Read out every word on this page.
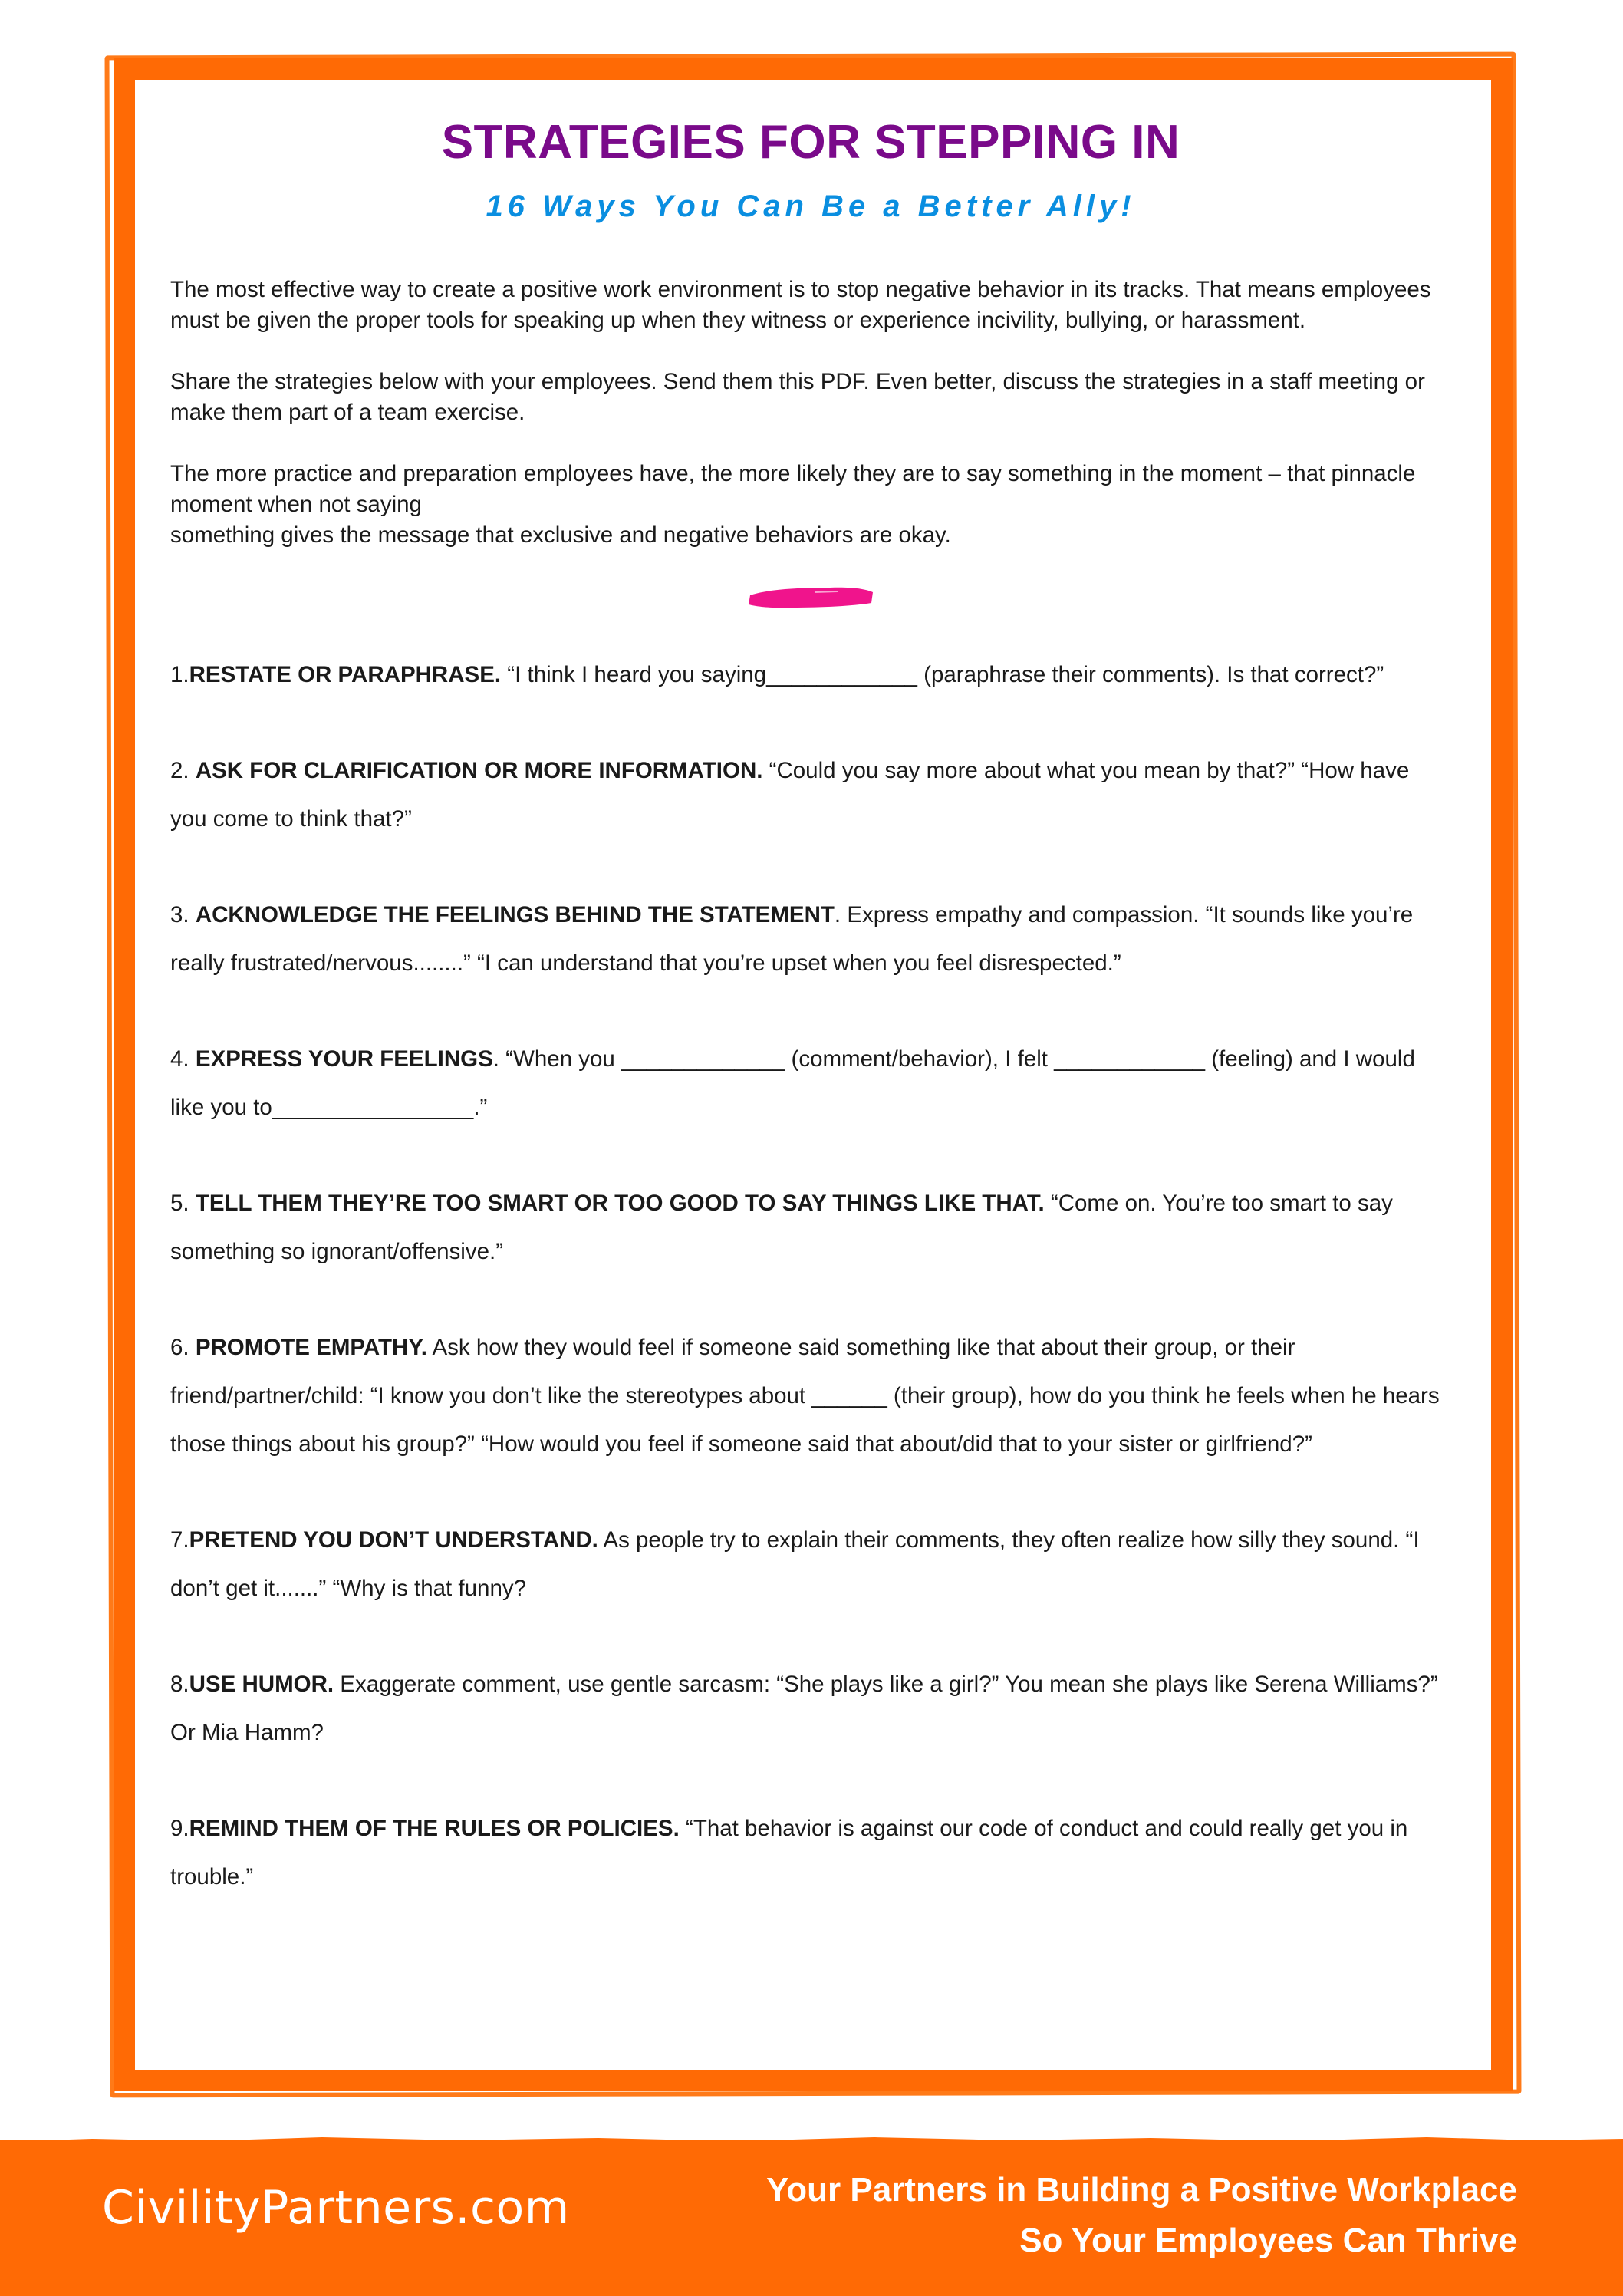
STRATEGIES FOR STEPPING IN
16 Ways You Can Be a Better Ally!

The most effective way to create a positive work environment is to stop negative behavior in its tracks. That means employees must be given the proper tools for speaking up when they witness or experience incivility, bullying, or harassment.

Share the strategies below with your employees. Send them this PDF. Even better, discuss the strategies in a staff meeting or make them part of a team exercise.

The more practice and preparation employees have, the more likely they are to say something in the moment – that pinnacle moment when not saying
something gives the message that exclusive and negative behaviors are okay.

1.RESTATE OR PARAPHRASE. “I think I heard you saying____________ (paraphrase their comments). Is that correct?”

2. ASK FOR CLARIFICATION OR MORE INFORMATION. “Could you say more about what you mean by that?” “How have you come to think that?”

3. ACKNOWLEDGE THE FEELINGS BEHIND THE STATEMENT. Express empathy and compassion. “It sounds like you’re really frustrated/nervous........” “I can understand that you’re upset when you feel disrespected.”

4. EXPRESS YOUR FEELINGS. “When you _____________ (comment/behavior), I felt ____________ (feeling) and I would like you to________________.”

5. TELL THEM THEY’RE TOO SMART OR TOO GOOD TO SAY THINGS LIKE THAT. “Come on. You’re too smart to say something so ignorant/offensive.”

6. PROMOTE EMPATHY. Ask how they would feel if someone said something like that about their group, or their friend/partner/child: “I know you don’t like the stereotypes about ______ (their group), how do you think he feels when he hears those things about his group?” “How would you feel if someone said that about/did that to your sister or girlfriend?”

7.PRETEND YOU DON’T UNDERSTAND. As people try to explain their comments, they often realize how silly they sound. “I don’t get it.......” “Why is that funny?

8.USE HUMOR. Exaggerate comment, use gentle sarcasm: “She plays like a girl?” You mean she plays like Serena Williams?” Or Mia Hamm?

9.REMIND THEM OF THE RULES OR POLICIES. “That behavior is against our code of conduct and could really get you in trouble.”

CivilityPartners.com	Your Partners in Building a Positive Workplace
So Your Employees Can Thrive
